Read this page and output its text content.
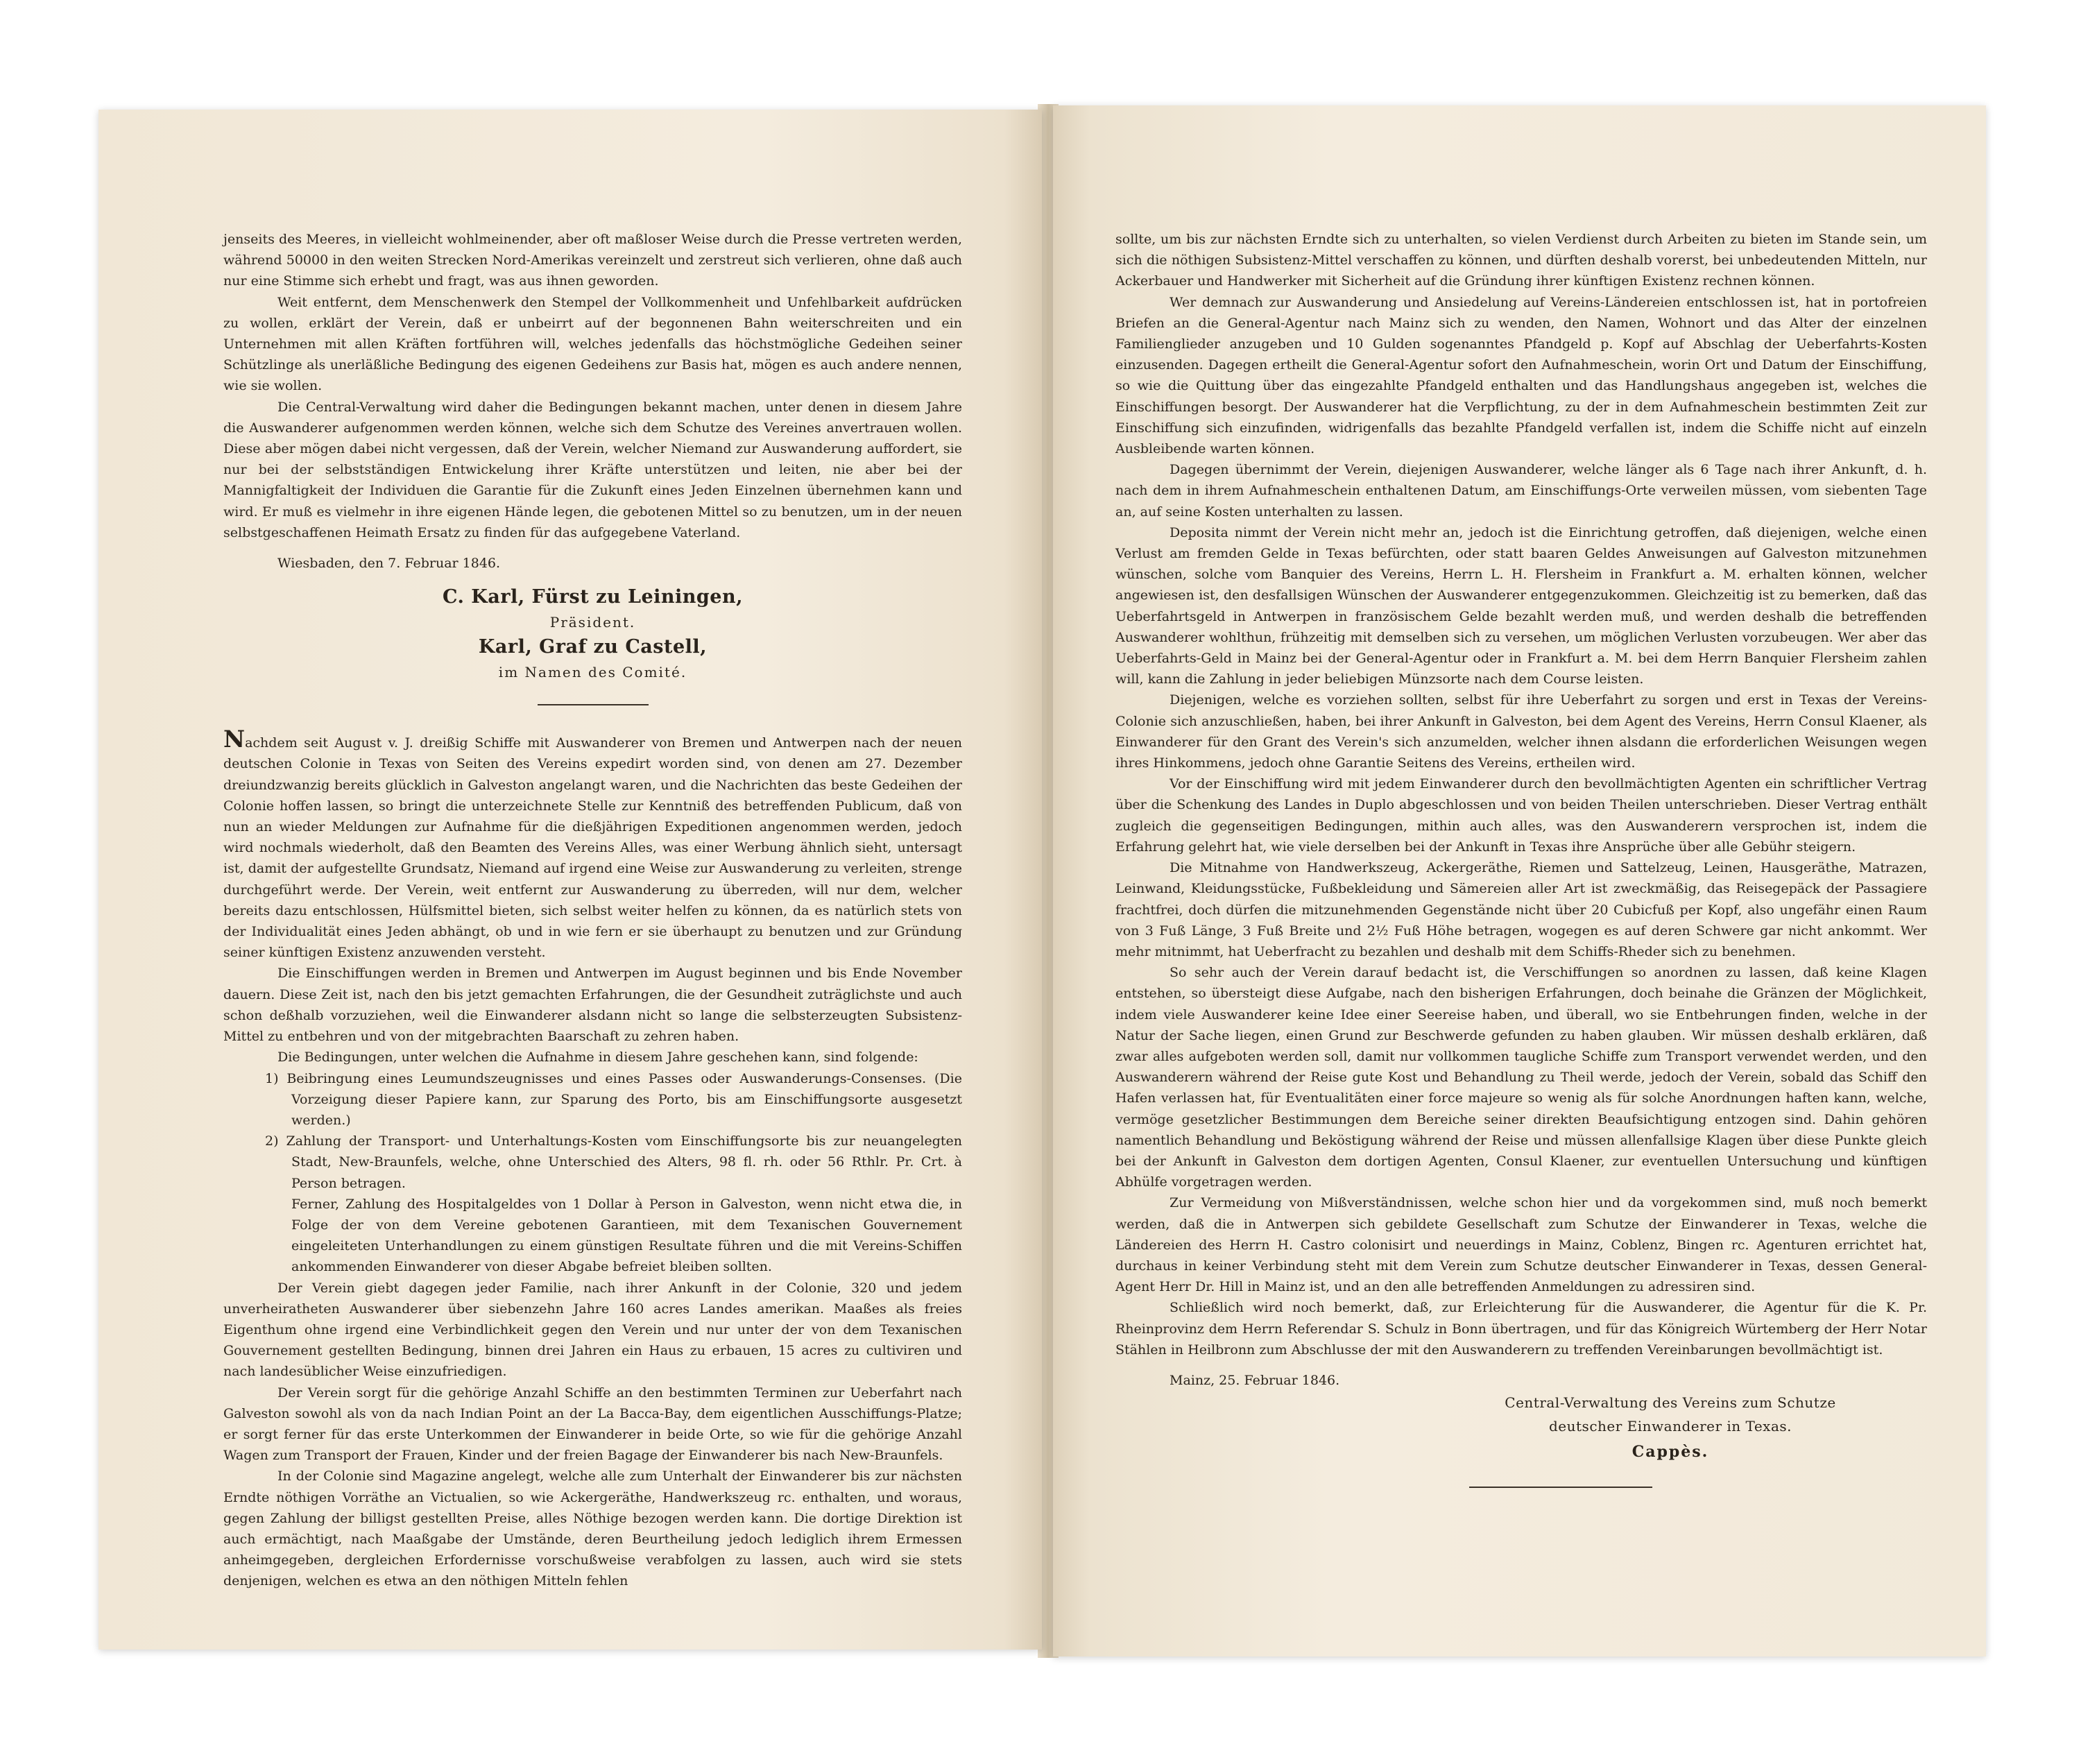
jenseits des Meeres, in vielleicht wohlmeinender, aber oft maßloser Weise durch die Presse vertreten werden, während 50000 in den weiten Strecken Nord-Amerikas vereinzelt und zerstreut sich verlieren, ohne daß auch nur eine Stimme sich erhebt und fragt, was aus ihnen geworden.

Weit entfernt, dem Menschenwerk den Stempel der Vollkommenheit und Unfehlbarkeit aufdrücken zu wollen, erklärt der Verein, daß er unbeirrt auf der begonnenen Bahn weiterschreiten und ein Unternehmen mit allen Kräften fortführen will, welches jedenfalls das höchstmögliche Gedeihen seiner Schützlinge als unerläßliche Bedingung des eigenen Gedeihens zur Basis hat, mögen es auch andere nennen, wie sie wollen.

Die Central-Verwaltung wird daher die Bedingungen bekannt machen, unter denen in diesem Jahre die Auswanderer aufgenommen werden können, welche sich dem Schutze des Vereines anvertrauen wollen. Diese aber mögen dabei nicht vergessen, daß der Verein, welcher Niemand zur Auswanderung auffordert, sie nur bei der selbstständigen Entwickelung ihrer Kräfte unterstützen und leiten, nie aber bei der Mannigfaltigkeit der Individuen die Garantie für die Zukunft eines Jeden Einzelnen übernehmen kann und wird. Er muß es vielmehr in ihre eigenen Hände legen, die gebotenen Mittel so zu benutzen, um in der neuen selbstgeschaffenen Heimath Ersatz zu finden für das aufgegebene Vaterland.

Wiesbaden, den 7. Februar 1846.

C. Karl, Fürst zu Leiningen,
Präsident.
Karl, Graf zu Castell,
im Namen des Comité.

Nachdem seit August v. J. dreißig Schiffe mit Auswanderer von Bremen und Antwerpen nach der neuen deutschen Colonie in Texas von Seiten des Vereins expedirt worden sind, von denen am 27. Dezember dreiundzwanzig bereits glücklich in Galveston angelangt waren, und die Nachrichten das beste Gedeihen der Colonie hoffen lassen, so bringt die unterzeichnete Stelle zur Kenntniß des betreffenden Publicum, daß von nun an wieder Meldungen zur Aufnahme für die dießjährigen Expeditionen angenommen werden, jedoch wird nochmals wiederholt, daß den Beamten des Vereins Alles, was einer Werbung ähnlich sieht, untersagt ist, damit der aufgestellte Grundsatz, Niemand auf irgend eine Weise zur Auswanderung zu verleiten, strenge durchgeführt werde. Der Verein, weit entfernt zur Auswanderung zu überreden, will nur dem, welcher bereits dazu entschlossen, Hülfsmittel bieten, sich selbst weiter helfen zu können, da es natürlich stets von der Individualität eines Jeden abhängt, ob und in wie fern er sie überhaupt zu benutzen und zur Gründung seiner künftigen Existenz anzuwenden versteht.

Die Einschiffungen werden in Bremen und Antwerpen im August beginnen und bis Ende November dauern. Diese Zeit ist, nach den bis jetzt gemachten Erfahrungen, die der Gesundheit zuträglichste und auch schon deßhalb vorzuziehen, weil die Einwanderer alsdann nicht so lange die selbsterzeugten Subsistenz-Mittel zu entbehren und von der mitgebrachten Baarschaft zu zehren haben.

Die Bedingungen, unter welchen die Aufnahme in diesem Jahre geschehen kann, sind folgende:

1) Beibringung eines Leumundszeugnisses und eines Passes oder Auswanderungs-Consenses. (Die Vorzeigung dieser Papiere kann, zur Sparung des Porto, bis am Einschiffungsorte ausgesetzt werden.)

2) Zahlung der Transport- und Unterhaltungs-Kosten vom Einschiffungsorte bis zur neuangelegten Stadt, New-Braunfels, welche, ohne Unterschied des Alters, 98 fl. rh. oder 56 Rthlr. Pr. Crt. à Person betragen.

Ferner, Zahlung des Hospitalgeldes von 1 Dollar à Person in Galveston, wenn nicht etwa die, in Folge der von dem Vereine gebotenen Garantieen, mit dem Texanischen Gouvernement eingeleiteten Unterhandlungen zu einem günstigen Resultate führen und die mit Vereins-Schiffen ankommenden Einwanderer von dieser Abgabe befreiet bleiben sollten.

Der Verein giebt dagegen jeder Familie, nach ihrer Ankunft in der Colonie, 320 und jedem unverheiratheten Auswanderer über siebenzehn Jahre 160 acres Landes amerikan. Maaßes als freies Eigenthum ohne irgend eine Verbindlichkeit gegen den Verein und nur unter der von dem Texanischen Gouvernement gestellten Bedingung, binnen drei Jahren ein Haus zu erbauen, 15 acres zu cultiviren und nach landesüblicher Weise einzufriedigen.

Der Verein sorgt für die gehörige Anzahl Schiffe an den bestimmten Terminen zur Ueberfahrt nach Galveston sowohl als von da nach Indian Point an der La Bacca-Bay, dem eigentlichen Ausschiffungs-Platze; er sorgt ferner für das erste Unterkommen der Einwanderer in beide Orte, so wie für die gehörige Anzahl Wagen zum Transport der Frauen, Kinder und der freien Bagage der Einwanderer bis nach New-Braunfels.

In der Colonie sind Magazine angelegt, welche alle zum Unterhalt der Einwanderer bis zur nächsten Erndte nöthigen Vorräthe an Victualien, so wie Ackergeräthe, Handwerkszeug rc. enthalten, und woraus, gegen Zahlung der billigst gestellten Preise, alles Nöthige bezogen werden kann. Die dortige Direktion ist auch ermächtigt, nach Maaßgabe der Umstände, deren Beurtheilung jedoch lediglich ihrem Ermessen anheimgegeben, dergleichen Erfordernisse vorschußweise verabfolgen zu lassen, auch wird sie stets denjenigen, welchen es etwa an den nöthigen Mitteln fehlen

sollte, um bis zur nächsten Erndte sich zu unterhalten, so vielen Verdienst durch Arbeiten zu bieten im Stande sein, um sich die nöthigen Subsistenz-Mittel verschaffen zu können, und dürften deshalb vorerst, bei unbedeutenden Mitteln, nur Ackerbauer und Handwerker mit Sicherheit auf die Gründung ihrer künftigen Existenz rechnen können.

Wer demnach zur Auswanderung und Ansiedelung auf Vereins-Ländereien entschlossen ist, hat in portofreien Briefen an die General-Agentur nach Mainz sich zu wenden, den Namen, Wohnort und das Alter der einzelnen Familienglieder anzugeben und 10 Gulden sogenanntes Pfandgeld p. Kopf auf Abschlag der Ueberfahrts-Kosten einzusenden. Dagegen ertheilt die General-Agentur sofort den Aufnahmeschein, worin Ort und Datum der Einschiffung, so wie die Quittung über das eingezahlte Pfandgeld enthalten und das Handlungshaus angegeben ist, welches die Einschiffungen besorgt. Der Auswanderer hat die Verpflichtung, zu der in dem Aufnahmeschein bestimmten Zeit zur Einschiffung sich einzufinden, widrigenfalls das bezahlte Pfandgeld verfallen ist, indem die Schiffe nicht auf einzeln Ausbleibende warten können.

Dagegen übernimmt der Verein, diejenigen Auswanderer, welche länger als 6 Tage nach ihrer Ankunft, d. h. nach dem in ihrem Aufnahmeschein enthaltenen Datum, am Einschiffungs-Orte verweilen müssen, vom siebenten Tage an, auf seine Kosten unterhalten zu lassen.

Deposita nimmt der Verein nicht mehr an, jedoch ist die Einrichtung getroffen, daß diejenigen, welche einen Verlust am fremden Gelde in Texas befürchten, oder statt baaren Geldes Anweisungen auf Galveston mitzunehmen wünschen, solche vom Banquier des Vereins, Herrn L. H. Flersheim in Frankfurt a. M. erhalten können, welcher angewiesen ist, den desfallsigen Wünschen der Auswanderer entgegenzukommen. Gleichzeitig ist zu bemerken, daß das Ueberfahrtsgeld in Antwerpen in französischem Gelde bezahlt werden muß, und werden deshalb die betreffenden Auswanderer wohlthun, frühzeitig mit demselben sich zu versehen, um möglichen Verlusten vorzubeugen. Wer aber das Ueberfahrts-Geld in Mainz bei der General-Agentur oder in Frankfurt a. M. bei dem Herrn Banquier Flersheim zahlen will, kann die Zahlung in jeder beliebigen Münzsorte nach dem Course leisten.

Diejenigen, welche es vorziehen sollten, selbst für ihre Ueberfahrt zu sorgen und erst in Texas der Vereins-Colonie sich anzuschließen, haben, bei ihrer Ankunft in Galveston, bei dem Agent des Vereins, Herrn Consul Klaener, als Einwanderer für den Grant des Verein's sich anzumelden, welcher ihnen alsdann die erforderlichen Weisungen wegen ihres Hinkommens, jedoch ohne Garantie Seitens des Vereins, ertheilen wird.

Vor der Einschiffung wird mit jedem Einwanderer durch den bevollmächtigten Agenten ein schriftlicher Vertrag über die Schenkung des Landes in Duplo abgeschlossen und von beiden Theilen unterschrieben. Dieser Vertrag enthält zugleich die gegenseitigen Bedingungen, mithin auch alles, was den Auswanderern versprochen ist, indem die Erfahrung gelehrt hat, wie viele derselben bei der Ankunft in Texas ihre Ansprüche über alle Gebühr steigern.

Die Mitnahme von Handwerkszeug, Ackergeräthe, Riemen und Sattelzeug, Leinen, Hausgeräthe, Matrazen, Leinwand, Kleidungsstücke, Fußbekleidung und Sämereien aller Art ist zweckmäßig, das Reisegepäck der Passagiere frachtfrei, doch dürfen die mitzunehmenden Gegenstände nicht über 20 Cubicfuß per Kopf, also ungefähr einen Raum von 3 Fuß Länge, 3 Fuß Breite und 2½ Fuß Höhe betragen, wogegen es auf deren Schwere gar nicht ankommt. Wer mehr mitnimmt, hat Ueberfracht zu bezahlen und deshalb mit dem Schiffs-Rheder sich zu benehmen.

So sehr auch der Verein darauf bedacht ist, die Verschiffungen so anordnen zu lassen, daß keine Klagen entstehen, so übersteigt diese Aufgabe, nach den bisherigen Erfahrungen, doch beinahe die Gränzen der Möglichkeit, indem viele Auswanderer keine Idee einer Seereise haben, und überall, wo sie Entbehrungen finden, welche in der Natur der Sache liegen, einen Grund zur Beschwerde gefunden zu haben glauben. Wir müssen deshalb erklären, daß zwar alles aufgeboten werden soll, damit nur vollkommen taugliche Schiffe zum Transport verwendet werden, und den Auswanderern während der Reise gute Kost und Behandlung zu Theil werde, jedoch der Verein, sobald das Schiff den Hafen verlassen hat, für Eventualitäten einer force majeure so wenig als für solche Anordnungen haften kann, welche, vermöge gesetzlicher Bestimmungen dem Bereiche seiner direkten Beaufsichtigung entzogen sind. Dahin gehören namentlich Behandlung und Beköstigung während der Reise und müssen allenfallsige Klagen über diese Punkte gleich bei der Ankunft in Galveston dem dortigen Agenten, Consul Klaener, zur eventuellen Untersuchung und künftigen Abhülfe vorgetragen werden.

Zur Vermeidung von Mißverständnissen, welche schon hier und da vorgekommen sind, muß noch bemerkt werden, daß die in Antwerpen sich gebildete Gesellschaft zum Schutze der Einwanderer in Texas, welche die Ländereien des Herrn H. Castro colonisirt und neuerdings in Mainz, Coblenz, Bingen rc. Agenturen errichtet hat, durchaus in keiner Verbindung steht mit dem Verein zum Schutze deutscher Einwanderer in Texas, dessen General-Agent Herr Dr. Hill in Mainz ist, und an den alle betreffenden Anmeldungen zu adressiren sind.

Schließlich wird noch bemerkt, daß, zur Erleichterung für die Auswanderer, die Agentur für die K. Pr. Rheinprovinz dem Herrn Referendar S. Schulz in Bonn übertragen, und für das Königreich Würtemberg der Herr Notar Stählen in Heilbronn zum Abschlusse der mit den Auswanderern zu treffenden Vereinbarungen bevollmächtigt ist.

Mainz, 25. Februar 1846.

Central-Verwaltung des Vereins zum Schutze
deutscher Einwanderer in Texas.
Cappès.
